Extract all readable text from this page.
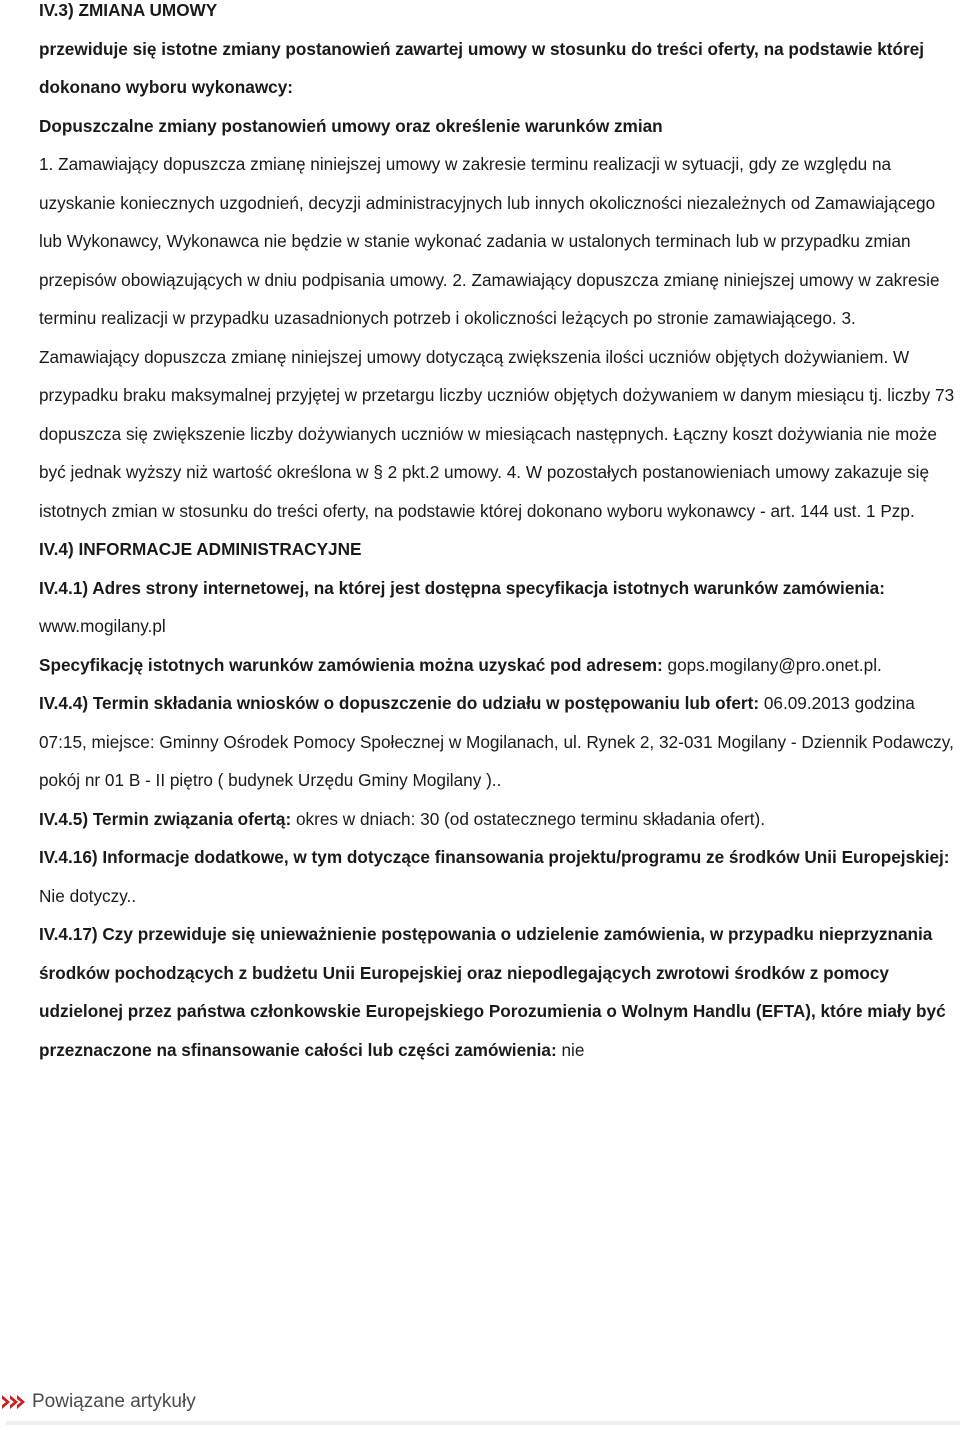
IV.3) ZMIANA UMOWY

przewiduje się istotne zmiany postanowień zawartej umowy w stosunku do treści oferty, na podstawie której dokonano wyboru wykonawcy:

Dopuszczalne zmiany postanowień umowy oraz określenie warunków zmian

1. Zamawiający dopuszcza zmianę niniejszej umowy w zakresie terminu realizacji w sytuacji, gdy ze względu na uzyskanie koniecznych uzgodnień, decyzji administracyjnych lub innych okoliczności niezależnych od Zamawiającego lub Wykonawcy, Wykonawca nie będzie w stanie wykonać zadania w ustalonych terminach lub w przypadku zmian przepisów obowiązujących w dniu podpisania umowy. 2. Zamawiający dopuszcza zmianę niniejszej umowy w zakresie terminu realizacji w przypadku uzasadnionych potrzeb i okoliczności leżących po stronie zamawiającego. 3. Zamawiający dopuszcza zmianę niniejszej umowy dotyczącą zwiększenia ilości uczniów objętych dożywianiem. W przypadku braku maksymalnej przyjętej w przetargu liczby uczniów objętych dożywaniem w danym miesiącu tj. liczby 73 dopuszcza się zwiększenie liczby dożywianych uczniów w miesiącach następnych. Łączny koszt dożywiania nie może być jednak wyższy niż wartość określona w § 2 pkt.2 umowy. 4. W pozostałych postanowieniach umowy zakazuje się istotnych zmian w stosunku do treści oferty, na podstawie której dokonano wyboru wykonawcy - art. 144 ust. 1 Pzp.

IV.4) INFORMACJE ADMINISTRACYJNE

IV.4.1) Adres strony internetowej, na której jest dostępna specyfikacja istotnych warunków zamówienia: www.mogilany.pl

Specyfikację istotnych warunków zamówienia można uzyskać pod adresem: gops.mogilany@pro.onet.pl.

IV.4.4) Termin składania wniosków o dopuszczenie do udziału w postępowaniu lub ofert: 06.09.2013 godzina 07:15, miejsce: Gminny Ośrodek Pomocy Społecznej w Mogilanach, ul. Rynek 2, 32-031 Mogilany - Dziennik Podawczy, pokój nr 01 B - II piętro ( budynek Urzędu Gminy Mogilany )..

IV.4.5) Termin związania ofertą: okres w dniach: 30 (od ostatecznego terminu składania ofert).

IV.4.16) Informacje dodatkowe, w tym dotyczące finansowania projektu/programu ze środków Unii Europejskiej: Nie dotyczy..

IV.4.17) Czy przewiduje się unieważnienie postępowania o udzielenie zamówienia, w przypadku nieprzyznania środków pochodzących z budżetu Unii Europejskiej oraz niepodlegających zwrotowi środków z pomocy udzielonej przez państwa członkowskie Europejskiego Porozumienia o Wolnym Handlu (EFTA), które miały być przeznaczone na sfinansowanie całości lub części zamówienia: nie

Powiązane artykuły
